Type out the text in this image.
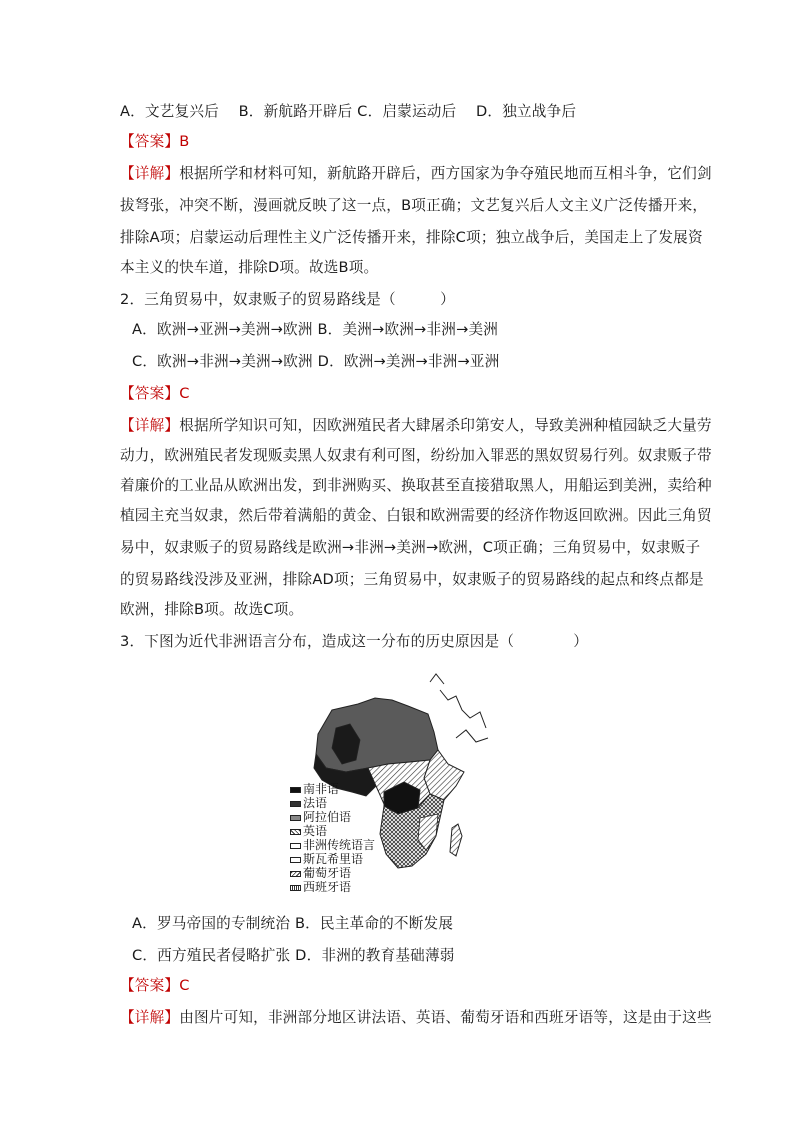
A．文艺复兴后　 B．新航路开辟后 C．启蒙运动后　 D．独立战争后
【答案】B
【详解】根据所学和材料可知，新航路开辟后，西方国家为争夺殖民地而互相斗争，它们剑
拔弩张，冲突不断，漫画就反映了这一点，B项正确；文艺复兴后人文主义广泛传播开来，
排除A项；启蒙运动后理性主义广泛传播开来，排除C项；独立战争后，美国走上了发展资
本主义的快车道，排除D项。故选B项。
2．三角贸易中，奴隶贩子的贸易路线是（　　　）
A．欧洲→亚洲→美洲→欧洲 B．美洲→欧洲→非洲→美洲
C．欧洲→非洲→美洲→欧洲 D．欧洲→美洲→非洲→亚洲
【答案】C
【详解】根据所学知识可知，因欧洲殖民者大肆屠杀印第安人，导致美洲种植园缺乏大量劳
动力，欧洲殖民者发现贩卖黑人奴隶有利可图，纷纷加入罪恶的黑奴贸易行列。奴隶贩子带
着廉价的工业品从欧洲出发，到非洲购买、换取甚至直接猎取黑人，用船运到美洲，卖给种
植园主充当奴隶，然后带着满船的黄金、白银和欧洲需要的经济作物返回欧洲。因此三角贸
易中，奴隶贩子的贸易路线是欧洲→非洲→美洲→欧洲，C项正确；三角贸易中，奴隶贩子
的贸易路线没涉及亚洲，排除AD项；三角贸易中，奴隶贩子的贸易路线的起点和终点都是
欧洲，排除B项。故选C项。
3．下图为近代非洲语言分布，造成这一分布的历史原因是（　　　　）
南非语
法语
阿拉伯语
英语
非洲传统语言
斯瓦希里语
葡萄牙语
西班牙语
A．罗马帝国的专制统治 B．民主革命的不断发展
C．西方殖民者侵略扩张 D．非洲的教育基础薄弱
【答案】C
【详解】由图片可知，非洲部分地区讲法语、英语、葡萄牙语和西班牙语等，这是由于这些
